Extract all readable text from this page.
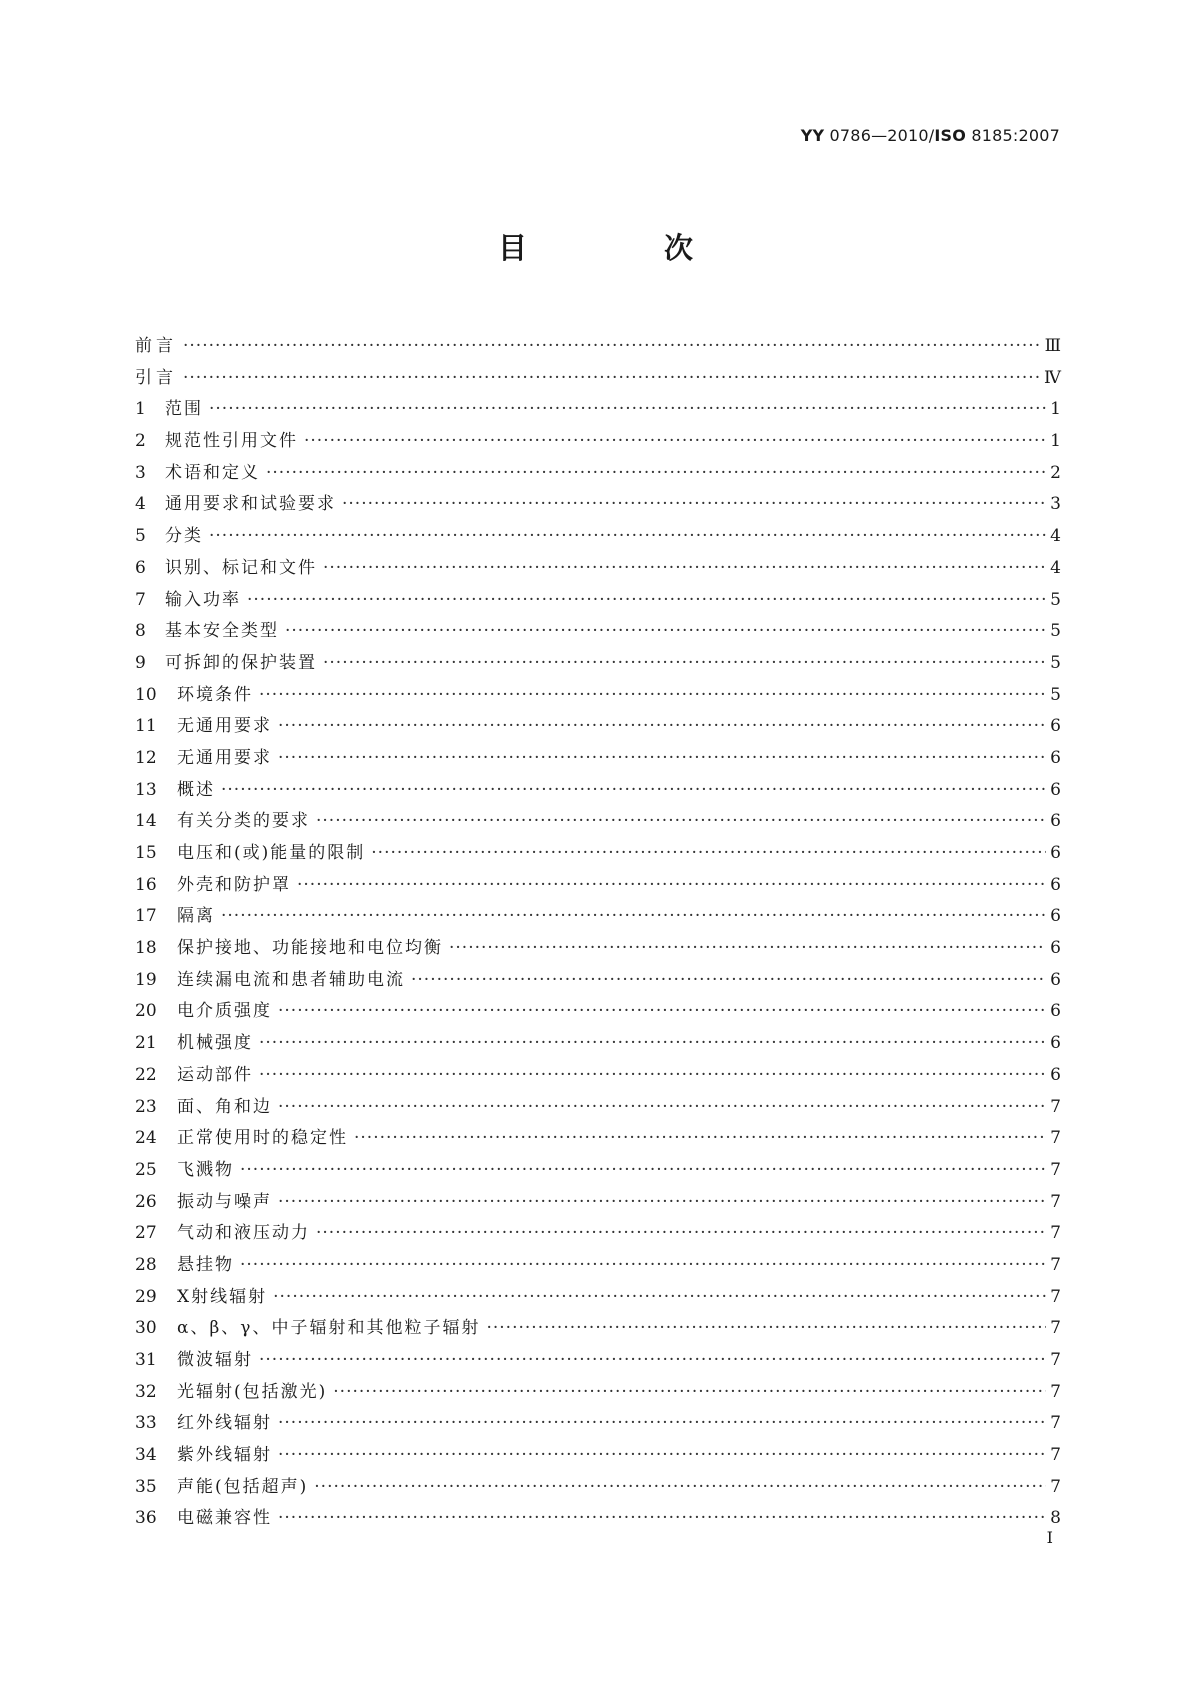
YY 0786—2010/ISO 8185:2007
目　次
前言 ·····	Ⅲ
引言 ·····	Ⅳ
1	范围 ·····	1
2	规范性引用文件 ·····	1
3	术语和定义 ·····	2
4	通用要求和试验要求 ·····	3
5	分类 ·····	4
6	识别、标记和文件 ·····	4
7	输入功率 ·····	5
8	基本安全类型 ·····	5
9	可拆卸的保护装置 ·····	5
10	环境条件 ·····	5
11	无通用要求 ·····	6
12	无通用要求 ·····	6
13	概述 ·····	6
14	有关分类的要求 ·····	6
15	电压和(或)能量的限制 ·····	6
16	外壳和防护罩 ·····	6
17	隔离 ·····	6
18	保护接地、功能接地和电位均衡 ·····	6
19	连续漏电流和患者辅助电流 ·····	6
20	电介质强度 ·····	6
21	机械强度 ·····	6
22	运动部件 ·····	6
23	面、角和边 ·····	7
24	正常使用时的稳定性 ·····	7
25	飞溅物 ·····	7
26	振动与噪声 ·····	7
27	气动和液压动力 ·····	7
28	悬挂物 ·····	7
29	X射线辐射 ·····	7
30	α、β、γ、中子辐射和其他粒子辐射 ·····	7
31	微波辐射 ·····	7
32	光辐射(包括激光) ·····	7
33	红外线辐射 ·····	7
34	紫外线辐射 ·····	7
35	声能(包括超声) ·····	7
36	电磁兼容性 ·····	8
Ⅰ
